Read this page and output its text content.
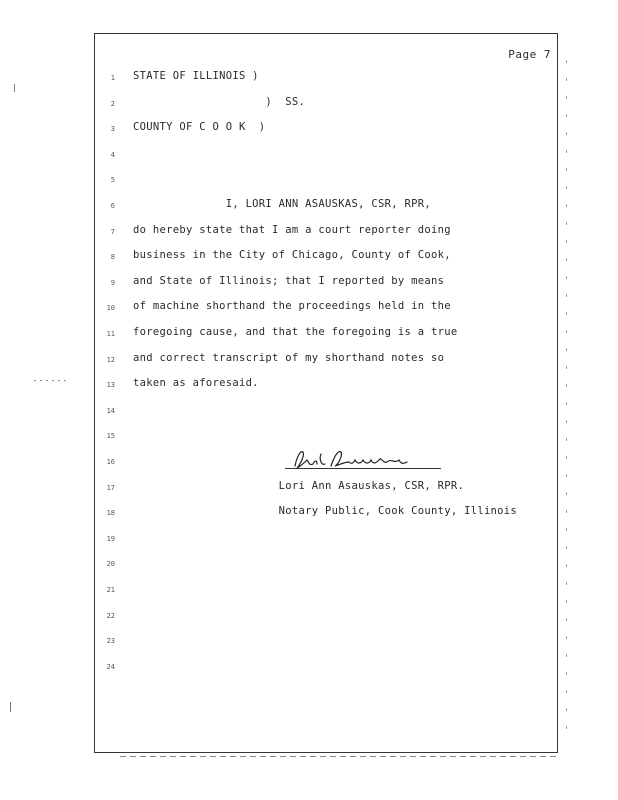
Page 7
1
2
3
4
5
6
7
8
9
10
11
12
13
14
15
16
17
18
19
20
21
22
23
24
STATE OF ILLINOIS )
)  SS.
COUNTY OF C O O K  )
I, LORI ANN ASAUSKAS, CSR, RPR,
do hereby state that I am a court reporter doing
business in the City of Chicago, County of Cook,
and State of Illinois; that I reported by means
of machine shorthand the proceedings held in the
foregoing cause, and that the foregoing is a true
and correct transcript of my shorthand notes so
taken as aforesaid.
Lori Ann Asauskas, CSR, RPR.
Notary Public, Cook County, Illinois
